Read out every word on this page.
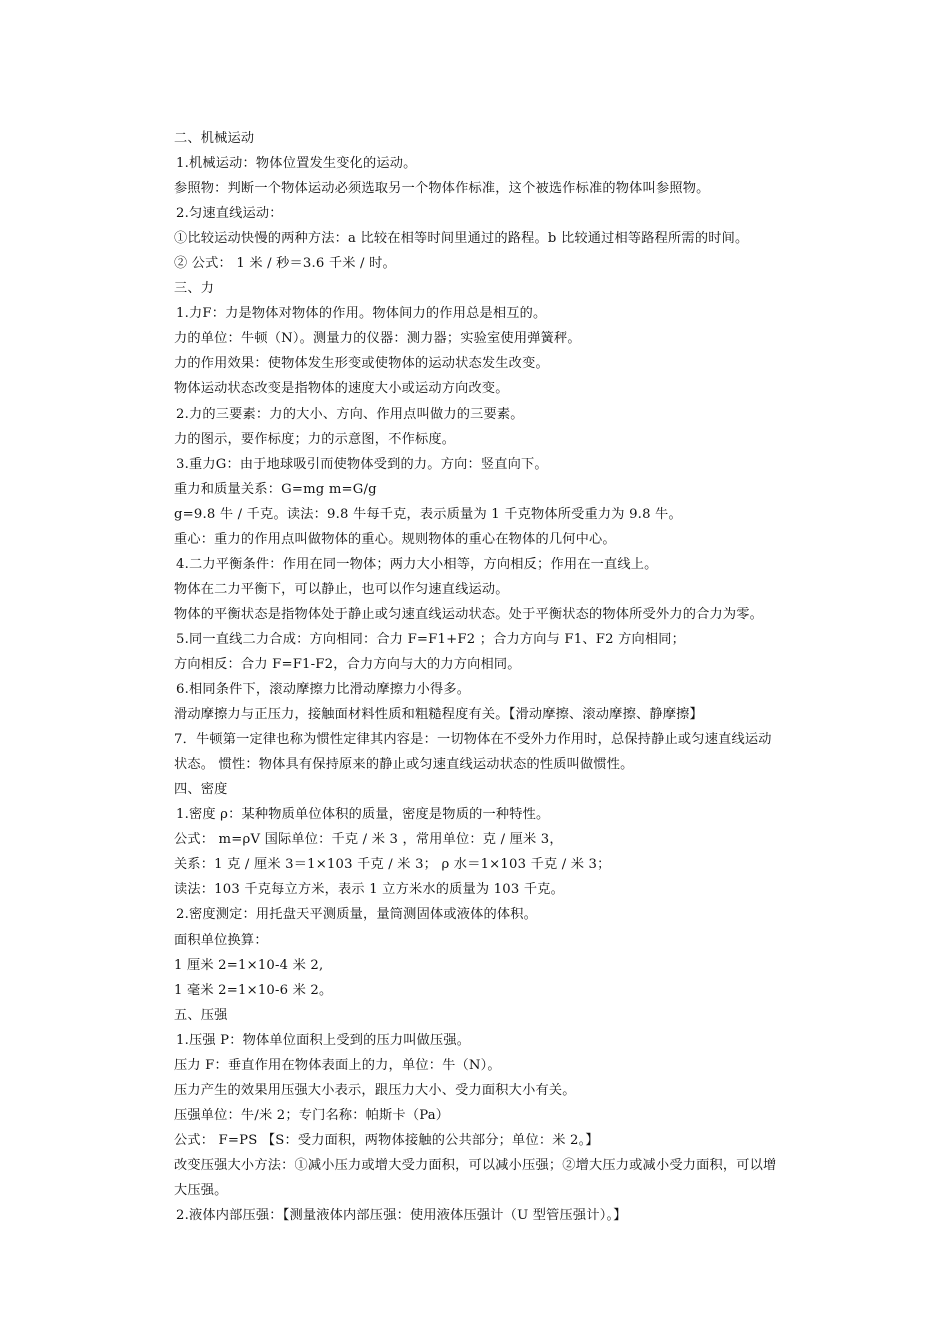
二、机械运动
1.机械运动：物体位置发生变化的运动。
参照物：判断一个物体运动必须选取另一个物体作标准，这个被选作标准的物体叫参照物。
2.匀速直线运动：
①比较运动快慢的两种方法：a 比较在相等时间里通过的路程。b 比较通过相等路程所需的时间。
② 公式： 1 米 / 秒＝3.6 千米 / 时。
三、力
1.力F：力是物体对物体的作用。物体间力的作用总是相互的。
力的单位：牛顿（N）。测量力的仪器：测力器；实验室使用弹簧秤。
力的作用效果：使物体发生形变或使物体的运动状态发生改变。
物体运动状态改变是指物体的速度大小或运动方向改变。
2.力的三要素：力的大小、方向、作用点叫做力的三要素。
力的图示，要作标度；力的示意图，不作标度。
3.重力G：由于地球吸引而使物体受到的力。方向：竖直向下。
重力和质量关系：G=mg m=G/g
g=9.8 牛 / 千克。读法：9.8 牛每千克，表示质量为 1 千克物体所受重力为 9.8 牛。
重心：重力的作用点叫做物体的重心。规则物体的重心在物体的几何中心。
4.二力平衡条件：作用在同一物体；两力大小相等，方向相反；作用在一直线上。
物体在二力平衡下，可以静止，也可以作匀速直线运动。
物体的平衡状态是指物体处于静止或匀速直线运动状态。处于平衡状态的物体所受外力的合力为零。
5.同一直线二力合成：方向相同：合力 F=F1+F2 ；合力方向与 F1、F2 方向相同；
方向相反：合力 F=F1-F2，合力方向与大的力方向相同。
6.相同条件下，滚动摩擦力比滑动摩擦力小得多。
滑动摩擦力与正压力，接触面材料性质和粗糙程度有关。【滑动摩擦、滚动摩擦、静摩擦】
7．牛顿第一定律也称为惯性定律其内容是：一切物体在不受外力作用时，总保持静止或匀速直线运动
状态。 惯性：物体具有保持原来的静止或匀速直线运动状态的性质叫做惯性。
四、密度
1.密度 ρ：某种物质单位体积的质量，密度是物质的一种特性。
公式： m=ρV 国际单位：千克 / 米 3 ，常用单位：克 / 厘米 3，
关系：1 克 / 厘米 3＝1×103 千克 / 米 3； ρ 水＝1×103 千克 / 米 3；
读法：103 千克每立方米，表示 1 立方米水的质量为 103 千克。
2.密度测定：用托盘天平测质量，量筒测固体或液体的体积。
面积单位换算：
1 厘米 2=1×10-4 米 2,
1 毫米 2=1×10-6 米 2。
五、压强
1.压强 P：物体单位面积上受到的压力叫做压强。
压力 F：垂直作用在物体表面上的力，单位：牛（N）。
压力产生的效果用压强大小表示，跟压力大小、受力面积大小有关。
压强单位：牛/米 2；专门名称：帕斯卡（Pa）
公式： F=PS 【S：受力面积，两物体接触的公共部分；单位：米 2。】
改变压强大小方法：①减小压力或增大受力面积，可以减小压强；②增大压力或减小受力面积，可以增
大压强。
2.液体内部压强：【测量液体内部压强：使用液体压强计（U 型管压强计）。】
